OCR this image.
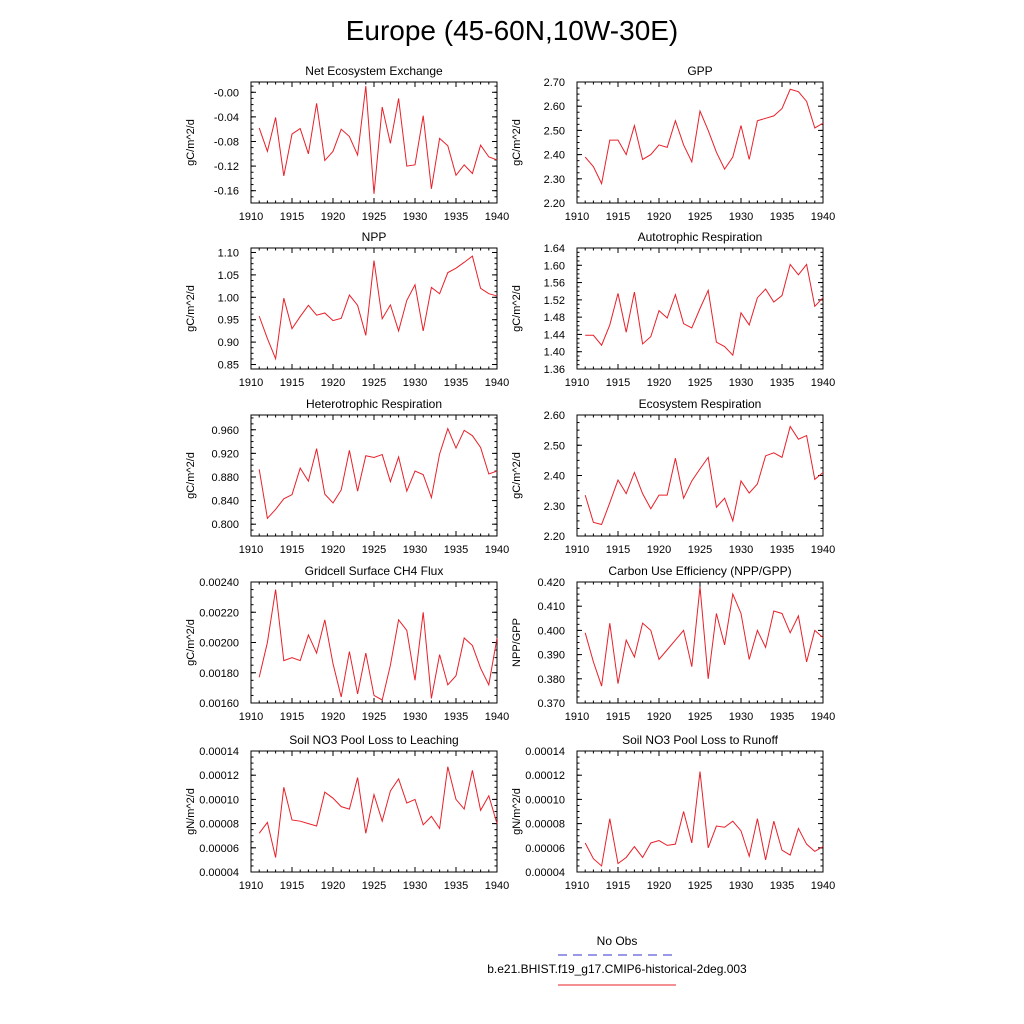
Europe (45-60N,10W-30E)
Net Ecosystem Exchange
1910 1915 1920 1925 1930 1935 1940
-0.16
-0.12
-0.08
-0.04
-0.00
gC/m^2/d
GPP
1910 1915 1920 1925 1930 1935 1940
2.20
2.30
2.40
2.50
2.60
2.70
gC/m^2/d
NPP
1910 1915 1920 1925 1930 1935 1940
0.85
0.90
0.95
1.00
1.05
1.10
gC/m^2/d
Autotrophic Respiration
1910 1915 1920 1925 1930 1935 1940
1.36
1.40
1.44
1.48
1.52
1.56
1.60
1.64
gC/m^2/d
Heterotrophic Respiration
1910 1915 1920 1925 1930 1935 1940
0.800
0.840
0.880
0.920
0.960
gC/m^2/d
Ecosystem Respiration
1910 1915 1920 1925 1930 1935 1940
2.20
2.30
2.40
2.50
2.60
gC/m^2/d
Gridcell Surface CH4 Flux
1910 1915 1920 1925 1930 1935 1940
0.00160
0.00180
0.00200
0.00220
0.00240
gC/m^2/d
Carbon Use Efficiency (NPP/GPP)
1910 1915 1920 1925 1930 1935 1940
0.370
0.380
0.390
0.400
0.410
0.420
NPP/GPP
Soil NO3 Pool Loss to Leaching
1910 1915 1920 1925 1930 1935 1940
0.00004
0.00006
0.00008
0.00010
0.00012
0.00014
gN/m^2/d
Soil NO3 Pool Loss to Runoff
1910 1915 1920 1925 1930 1935 1940
0.00004
0.00006
0.00008
0.00010
0.00012
0.00014
gN/m^2/d
No Obs
b.e21.BHIST.f19_g17.CMIP6-historical-2deg.003
